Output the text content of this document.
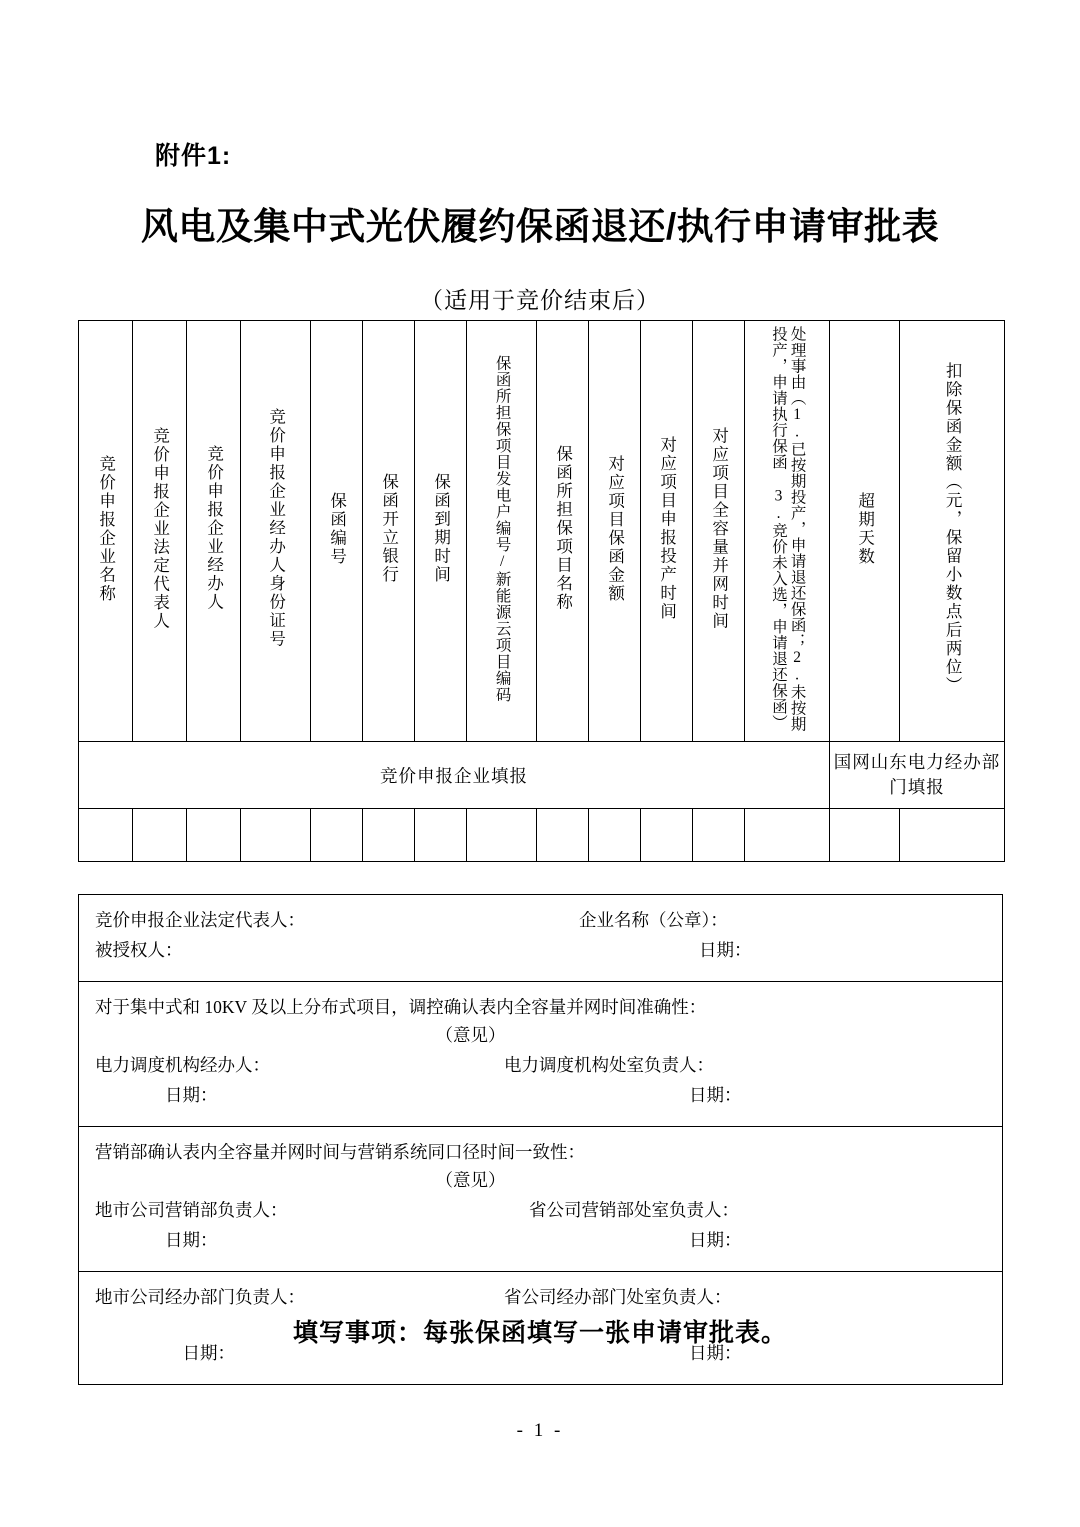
附件1:
风电及集中式光伏履约保函退还/执行申请审批表
（适用于竞价结束后）
竞价申报企业名称	竞价申报企业法定代表人	竞价申报企业经办人	竞价申报企业经办人身份证号	保函编号	保函开立银行	保函到期时间	保函所担保项目发电户编号/新能源云项目编码	保函所担保项目名称	对应项目保函金额	对应项目申报投产时间	对应项目全容量并网时间	处理事由（1.已按期投产，申请退还保函；2.未按期投产，申请执行保函 3.竞价未入选，申请退还保函）	超期天数	扣除保函金额（元，保留小数点后两位）
竞价申报企业填报													国网山东电力经办部门填报	

竞价申报企业法定代表人：	企业名称（公章）：
被授权人：	日期：
对于集中式和 10KV 及以上分布式项目，调控确认表内全容量并网时间准确性：
（意见）
电力调度机构经办人：	电力调度机构处室负责人：
　　　　日期：	日期：
营销部确认表内全容量并网时间与营销系统同口径时间一致性：
（意见）
地市公司营销部负责人：	省公司营销部处室负责人：
　　　　日期：	日期：
地市公司经办部门负责人：	省公司经办部门处室负责人：
　　　　　日期：	日期：
填写事项：每张保函填写一张申请审批表。
- 1 -
